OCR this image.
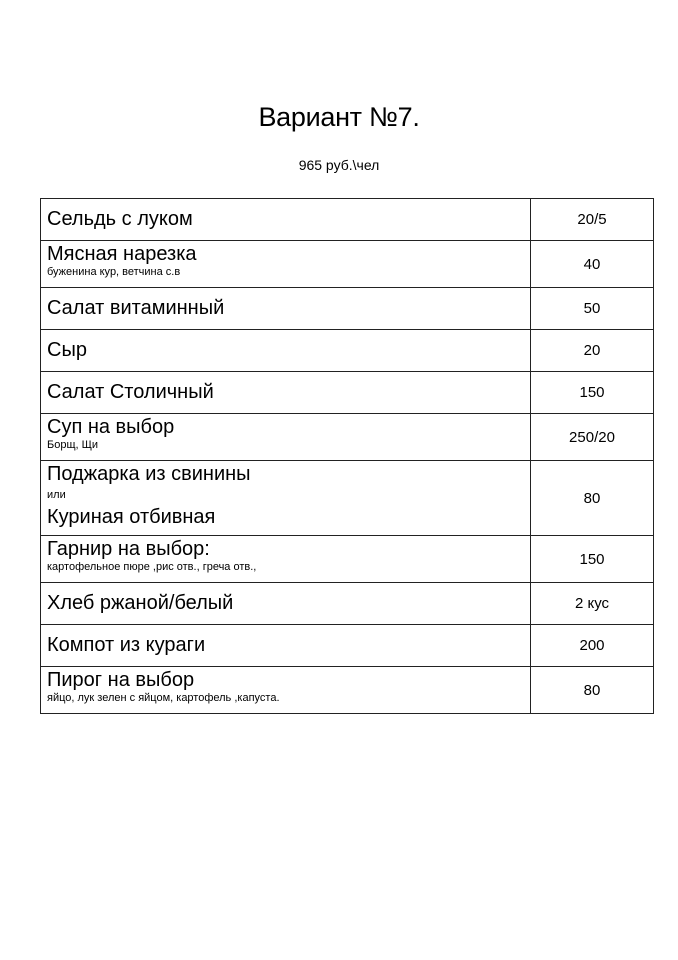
Вариант №7.
965 руб.\чел
Сельдь с луком	20/5

Мясная нарезка
буженина кур, ветчина с.в	40

Салат витаминный	50

Сыр	20

Салат Столичный	150

Суп на выбор
Борщ, Щи	250/20

Поджарка из свинины
или
Куриная отбивная	80

Гарнир на выбор:
картофельное пюре ,рис отв., греча отв.,	150

Хлеб ржаной/белый	2 кус

Компот из кураги	200

Пирог на выбор
яйцо, лук зелен с яйцом, картофель ,капуста.	80
